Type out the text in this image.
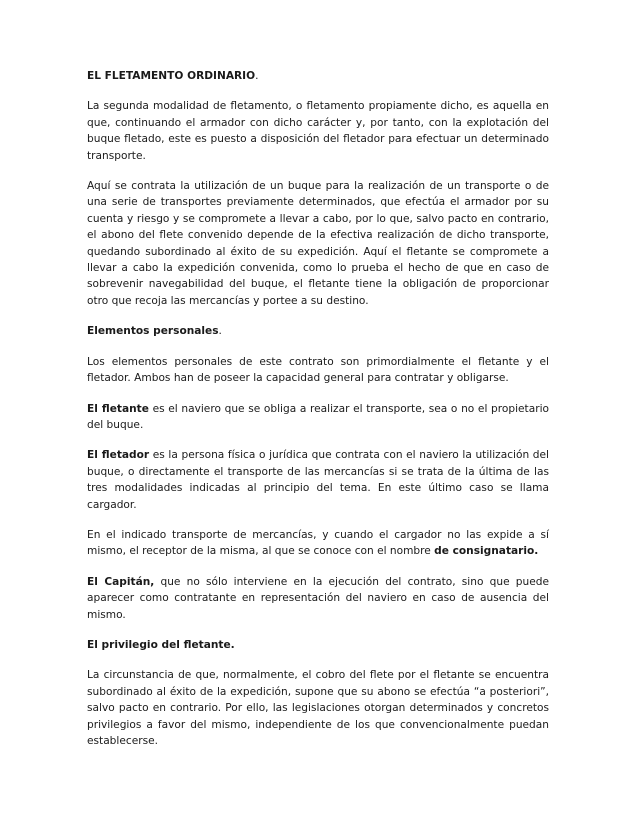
EL FLETAMENTO ORDINARIO.

La segunda modalidad de fletamento, o fletamento propiamente dicho, es aquella en que, continuando el armador con dicho carácter y, por tanto, con la explotación del buque fletado, este es puesto a disposición del fletador para efectuar un determinado transporte.

Aquí se contrata la utilización de un buque para la realización de un transporte o de una serie de transportes previamente determinados, que efectúa el armador por su cuenta y riesgo y se compromete a llevar a cabo, por lo que, salvo pacto en contrario, el abono del flete convenido depende de la efectiva realización de dicho transporte, quedando subordinado al éxito de su expedición. Aquí el fletante se compromete a llevar a cabo la expedición convenida, como lo prueba el hecho de que en caso de sobrevenir navegabilidad del buque, el fletante tiene la obligación de proporcionar otro que recoja las mercancías y portee a su destino.

Elementos personales.

Los elementos personales de este contrato son primordialmente el fletante y el fletador. Ambos han de poseer la capacidad general para contratar y obligarse.

El fletante es el naviero que se obliga a realizar el transporte, sea o no el propietario del buque.

El fletador es la persona física o jurídica que contrata con el naviero la utilización del buque, o directamente el transporte de las mercancías si se trata de la última de las tres modalidades indicadas al principio del tema. En este último caso se llama cargador.

En el indicado transporte de mercancías, y cuando el cargador no las expide a sí mismo, el receptor de la misma, al que se conoce con el nombre de consignatario.

El Capitán, que no sólo interviene en la ejecución del contrato, sino que puede aparecer como contratante en representación del naviero en caso de ausencia del mismo.

El privilegio del fletante.

La circunstancia de que, normalmente, el cobro del flete por el fletante se encuentra subordinado al éxito de la expedición, supone que su abono se efectúa “a posteriori”, salvo pacto en contrario. Por ello, las legislaciones otorgan determinados y concretos privilegios a favor del mismo, independiente de los que convencionalmente puedan establecerse.
